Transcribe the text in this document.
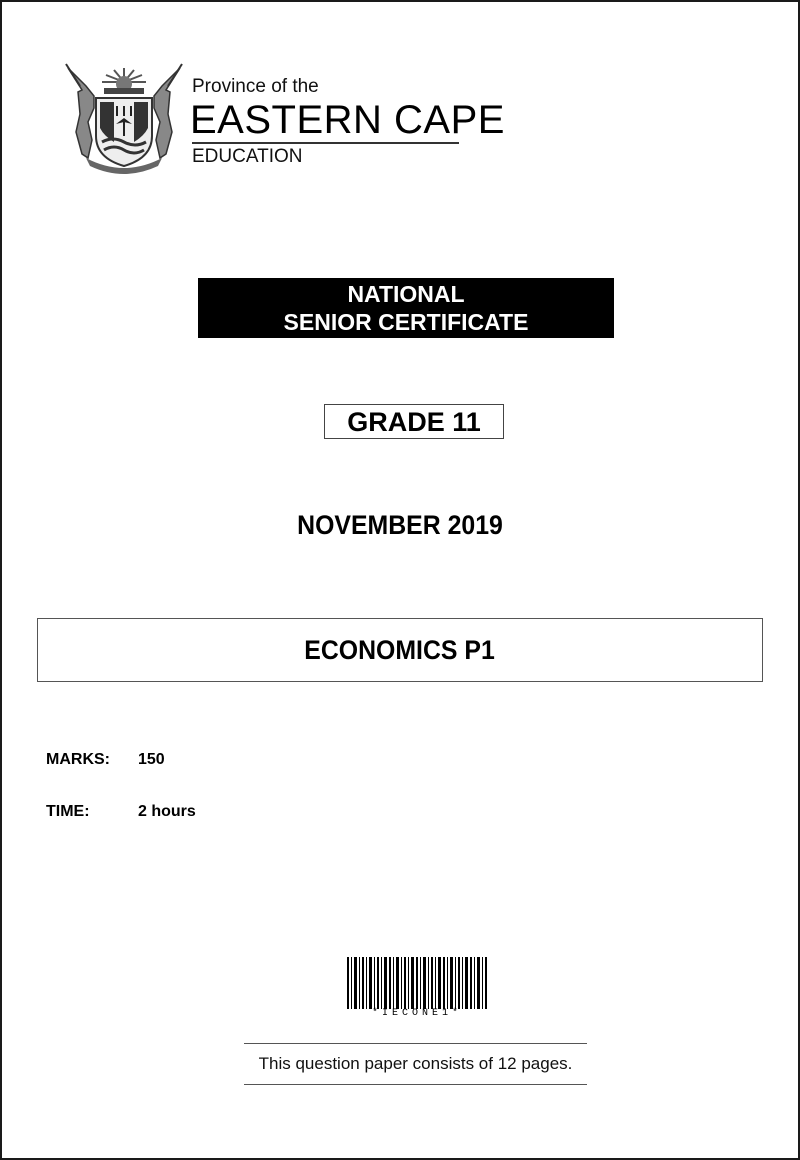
Province of the
EASTERN CAPE
EDUCATION
NATIONAL
SENIOR CERTIFICATE
GRADE 11
NOVEMBER 2019
ECONOMICS P1
MARKS: 150
TIME:	2 hours
*IECONE1*
This question paper consists of 12 pages.
